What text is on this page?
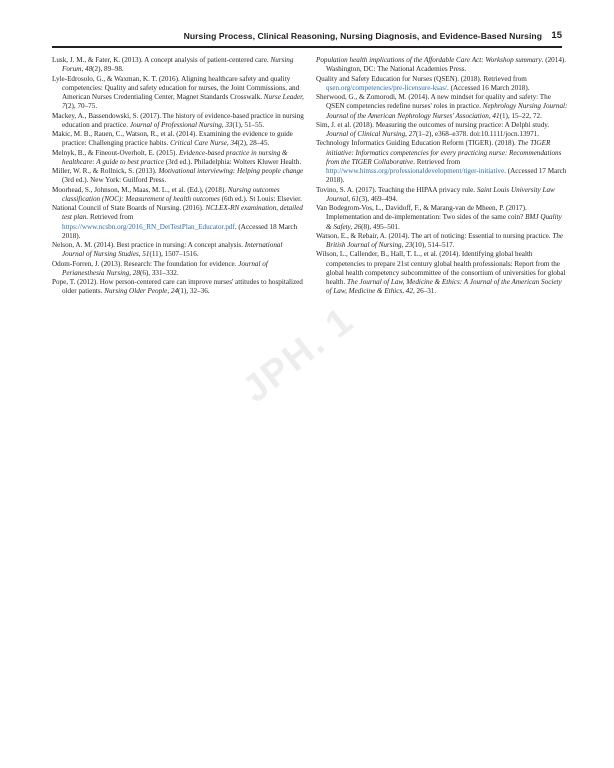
Nursing Process, Clinical Reasoning, Nursing Diagnosis, and Evidence-Based Nursing 15
JPH. 1

Lusk, J. M., & Fater, K. (2013). A concept analysis of patient-centered care. Nursing Forum, 48(2), 89–98.

Lyle-Edrosolo, G., & Waxman, K. T. (2016). Aligning healthcare safety and quality competencies: Quality and safety education for nurses, the Joint Commissions, and American Nurses Credentialing Center, Magnet Standards Crosswalk. Nurse Leader, 7(2), 70–75.

Mackey, A., Bassendowski, S. (2017). The history of evidence-based practice in nursing education and practice. Journal of Professional Nursing, 33(1), 51–55.

Makic, M. B., Rauen, C., Watson, R., et al. (2014). Examining the evidence to guide practice: Challenging practice habits. Critical Care Nurse, 34(2), 28–45.

Melnyk, B., & Fineout-Overholt, E. (2015). Evidence-based practice in nursing & healthcare: A guide to best practice (3rd ed.). Philadelphia: Wolters Kluwer Health.

Miller, W. R., & Rollnick, S. (2013). Motivational interviewing: Helping people change (3rd ed.). New York: Guilford Press.

Moorhead, S., Johnson, M., Maas, M. L., et al. (Ed.), (2018). Nursing outcomes classification (NOC): Measurement of health outcomes (6th ed.). St Louis: Elsevier.

National Council of State Boards of Nursing. (2016). NCLEX-RN examination, detailed test plan. Retrieved from https://www.ncsbn.org/2016_RN_DetTestPlan_Educator.pdf. (Accessed 18 March 2018).

Nelson, A. M. (2014). Best practice in nursing: A concept analysis. International Journal of Nursing Studies, 51(11), 1507–1516.

Odom-Forren, J. (2013). Research: The foundation for evidence. Journal of Perianesthesia Nursing, 28(6), 331–332.

Pope, T. (2012). How person-centered care can improve nurses' attitudes to hospitalized older patients. Nursing Older People, 24(1), 32–36.

Population health implications of the Affordable Care Act: Workshop summary. (2014). Washington, DC: The National Academies Press.

Quality and Safety Education for Nurses (QSEN). (2018). Retrieved from qsen.org/competencies/pre-licensure-ksas/. (Accessed 16 March 2018).

Sherwood, G., & Zomorodi, M. (2014). A new mindset for quality and safety: The QSEN competencies redefine nurses' roles in practice. Nephrology Nursing Journal: Journal of the American Nephrology Nurses' Association, 41(1), 15–22, 72.

Sim, J. et al. (2018). Measuring the outcomes of nursing practice: A Delphi study. Journal of Clinical Nursing, 27(1–2), e368–e378. doi:10.1111/jocn.13971.

Technology Informatics Guiding Education Reform (TIGER). (2018). The TIGER initiative: Informatics competencies for every practicing nurse: Recommendations from the TIGER Collaborative. Retrieved from http://www.himss.org/professionaldevelopment/tiger-initiative. (Accessed 17 March 2018).

Tovino, S. A. (2017). Teaching the HIPAA privacy rule. Saint Louis University Law Journal, 61(3), 469–494.

Van Bodegrom-Vos, L., Davidoff, F., & Marang-van de Mheen, P. (2017). Implementation and de-implementation: Two sides of the same coin? BMJ Quality & Safety, 26(8), 495–501.

Watson, E., & Rebair, A. (2014). The art of noticing: Essential to nursing practice. The British Journal of Nursing, 23(10), 514–517.

Wilson, L., Callender, B., Hall, T. L., et al. (2014). Identifying global health competencies to prepare 21st century global health professionals: Report from the global health competency subcommittee of the consortium of universities for global health. The Journal of Law, Medicine & Ethics: A Journal of the American Society of Law, Medicine & Ethics, 42, 26–31.
